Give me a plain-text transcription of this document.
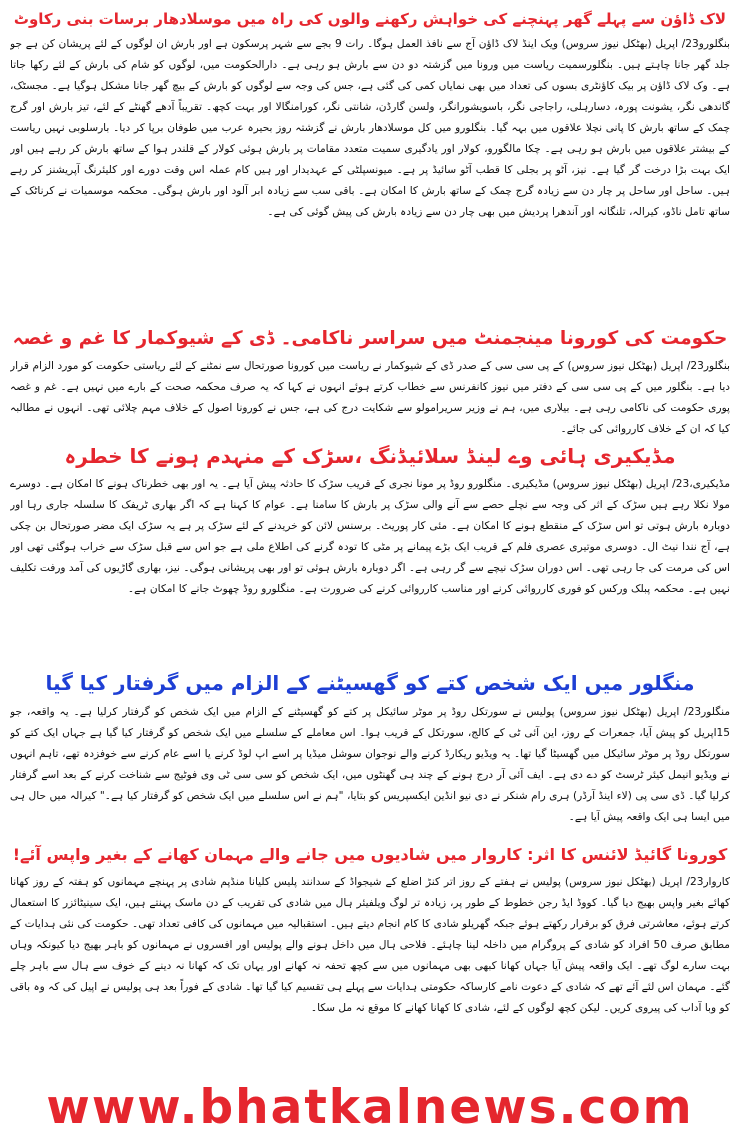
لاک ڈاؤن سے پہلے گھر پہنچنے کی خواہش رکھنے والوں کی راہ میں موسلادھار برسات بنی رکاوٹ

بنگلورو23/ اپریل (بھٹکل نیوز سروس) ویک اینڈ لاک ڈاؤن آج سے نافذ العمل ہوگا۔ رات 9 بجے سے شہر پرسکون ہے اور بارش ان لوگوں کے لئے پریشان کن ہے جو جلد گھر جانا چاہتے ہیں۔ بنگلورسمیت ریاست میں ورونا میں گزشتہ دو دن سے بارش ہو رہی ہے۔ دارالحکومت میں، لوگوں کو شام کی بارش کے لئے رکھا جاتا ہے۔ وک لاک ڈاؤن پر بیک کاؤنٹری بسوں کی تعداد میں بھی نمایاں کمی کی گئی ہے، جس کی وجہ سے لوگوں کو بارش کے بیچ گھر جانا مشکل ہوگیا ہے۔ مجسٹک، گاندھی نگر، یشونت پورہ، دسارہلی، راجاجی نگر، باسویشورانگر، ولسن گارڈن، شانتی نگر، کورامنگالا اور بہت کچھ۔ تقریباً آدھے گھنٹے کے لئے، تیز بارش اور گرج چمک کے ساتھ بارش کا پانی نچلا علاقوں میں بہہ گیا۔ بنگلورو میں کل موسلادھار بارش نے گزشتہ روز بحیرہ عرب میں طوفان برپا کر دیا۔ بارسلوبی نہیں ریاست کے بیشتر علاقوں میں بارش ہو رہی ہے۔ چکا مالگورو، کولار اور یادگیری سمیت متعدد مقامات پر بارش ہوئی کولار کے قلندر ہوا کے ساتھ بارش کر رہے ہیں اور ایک بہت بڑا درخت گر گیا ہے۔ نیز، آٹو پر بجلی کا قطب آٹو سائیڈ پر ہے۔ میونسپلٹی کے عہدیدار اور ہیں کام عملہ اس وقت دورے اور کلیئرنگ آپریشنز کر رہے ہیں۔ ساحل اور ساحل پر چار دن سے زیادہ گرج چمک کے ساتھ بارش کا امکان ہے۔ باقی سب سے زیادہ ابر آلود اور بارش ہوگی۔ محکمہ موسمیات نے کرناٹک کے ساتھ تامل ناڈو، کیرالہ، تلنگانہ اور آندھرا پردیش میں بھی چار دن سے زیادہ بارش کی پیش گوئی کی ہے۔

حکومت کی کورونا مینجمنٹ میں سراسر ناکامی۔ ڈی کے شیوکمار کا غم و غصہ

بنگلور23/ اپریل (بھٹکل نیوز سروس) کے پی سی سی کے صدر ڈی کے شیوکمار نے ریاست میں کورونا صورتحال سے نمٹنے کے لئے ریاستی حکومت کو مورد الزام قرار دیا ہے۔ بنگلور میں کے پی سی سی کے دفتر میں نیوز کانفرنس سے خطاب کرتے ہوئے انہوں نے کہا کہ یہ صرف محکمہ صحت کے بارے میں نہیں ہے۔ غم و غصہ پوری حکومت کی ناکامی رہی ہے۔ بیلاری میں، ہم نے وزیر سریرامولو سے شکایت درج کی ہے، جس نے کورونا اصول کے خلاف مہم چلائی تھی۔ انہوں نے مطالبہ کیا کہ ان کے خلاف کارروائی کی جائے۔

مڈیکیری ہائی وے لینڈ سلائیڈنگ ،سڑک کے منہدم ہونے کا خطرہ

مڈیکیری،23/ اپریل (بھٹکل نیوز سروس) مڈیکیری۔ منگلورو روڈ پر مونا نجری کے قریب سڑک کا حادثہ پیش آیا ہے۔ یہ اور بھی خطرناک ہونے کا امکان ہے۔ دوسرے مولا نکلا رہے ہیں سڑک کے اثر کی وجہ سے نچلے حصے سے آنے والی سڑک پر بارش کا سامنا ہے۔ عوام کا کہنا ہے کہ اگر بھاری ٹریفک کا سلسلہ جاری رہا اور دوبارہ بارش ہوتی تو اس سڑک کے منقطع ہونے کا امکان ہے۔ مئی کار پوریٹ۔ برسنس لائن کو خریدنے کے لئے سڑک پر ہے یہ سڑک ایک مضر صورتحال بن چکی ہے، آج نندا نیٹ ال۔ دوسری موتیری عصری فلم کے قریب ایک بڑے پیمانے پر مٹی کا تودہ گرنے کی اطلاع ملی ہے جو اس سے قبل سڑک سے خراب ہوگئی تھی اور اس کی مرمت کی جا رہی تھی۔ اس دوران سڑک نیچے سے گر رہی ہے۔ اگر دوبارہ بارش ہوئی تو اور بھی پریشانی ہوگی۔ نیز، بھاری گاڑیوں کی آمد ورفت تکلیف نہیں ہے۔ محکمہ پبلک ورکس کو فوری کارروائی کرنے اور مناسب کارروائی کرنے کی ضرورت ہے۔ منگلورو روڈ چھوٹ جانے کا امکان ہے۔

منگلور میں ایک شخص کتے کو گھسیٹنے کے الزام میں گرفتار کیا گیا

منگلور23/ اپریل (بھٹکل نیوز سروس) پولیس نے سورتکل روڈ پر موٹر سائیکل پر کتے کو گھسیٹنے کے الزام میں ایک شخص کو گرفتار کرلیا ہے۔ یہ واقعہ، جو 15اپریل کو پیش آیا، جمعرات کے روز، این آئی ٹی کے کالج، سورتکل کے قریب ہوا۔ اس معاملے کے سلسلے میں ایک شخص کو گرفتار کیا گیا ہے جہاں ایک کتے کو سورتکل روڈ پر موٹر سائیکل میں گھسیٹا گیا تھا۔ یہ ویڈیو ریکارڈ کرنے والے نوجوان سوشل میڈیا پر اسے اپ لوڈ کرنے یا اسے عام کرنے سے خوفزدہ تھے، تاہم انہوں نے ویڈیو انیمل کیئر ٹرسٹ کو دے دی ہے۔ ایف آئی آر درج ہونے کے چند ہی گھنٹوں میں، ایک شخص کو سی سی ٹی وی فوٹیج سے شناخت کرنے کے بعد اسے گرفتار کرلیا گیا۔ ڈی سی پی (لاء اینڈ آرڈر) ہری رام شنکر نے دی نیو انڈین ایکسپریس کو بتایا، "ہم نے اس سلسلے میں ایک شخص کو گرفتار کیا ہے۔" کیرالہ میں حال ہی میں ایسا ہی ایک واقعہ پیش آیا ہے۔

کورونا گائیڈ لائنس کا اثر: کاروار میں شادیوں میں جانے والے مہمان کھانے کے بغیر واپس آئے!

کاروار23/ اپریل (بھٹکل نیوز سروس) پولیس نے ہفتے کے روز اتر کنڑ اضلع کے شیجواڈ کے سدانند پلیس کلیانا منڈپم شادی پر پہنچے مہمانوں کو ہفتہ کے روز کھانا کھائے بغیر واپس بھیج دیا گیا۔ کووڈ ایڈ رجن خطوط کے طور پر، زیادہ تر لوگ ویلفیئر ہال میں شادی کی تقریب کے دن ماسک پہنتے ہیں، ایک سینیٹائزر کا استعمال کرتے ہوئے، معاشرتی فرق کو برقرار رکھتے ہوئے جبکہ گھریلو شادی کا کام انجام دیتے ہیں۔ استقبالیہ میں مہمانوں کی کافی تعداد تھی۔ حکومت کی نئی ہدایات کے مطابق صرف 50 افراد کو شادی کے پروگرام میں داخلہ لینا چاہئے۔ فلاحی ہال میں داخل ہونے والے پولیس اور افسروں نے مہمانوں کو باہر بھیج دیا کیونکہ وہاں بہت سارے لوگ تھے۔ ایک واقعہ پیش آیا جہاں کھانا کبھی بھی مہمانوں میں سے کچھ تحفہ نہ کھانے اور یہاں تک کہ کھانا نہ دینے کے خوف سے ہال سے باہر چلے گئے۔ مہمان اس لئے آئے تھے کہ شادی کے دعوت نامے کارساکہ حکومتی ہدایات سے پہلے ہی تقسیم کیا گیا تھا۔ شادی کے فوراً بعد ہی پولیس نے اپیل کی کہ وہ باقی کو وبا آداب کی پیروی کریں۔ لیکن کچھ لوگوں کے لئے، شادی کا کھانا کھانے کا موقع نہ مل سکا۔

www.bhatkalnews.com
